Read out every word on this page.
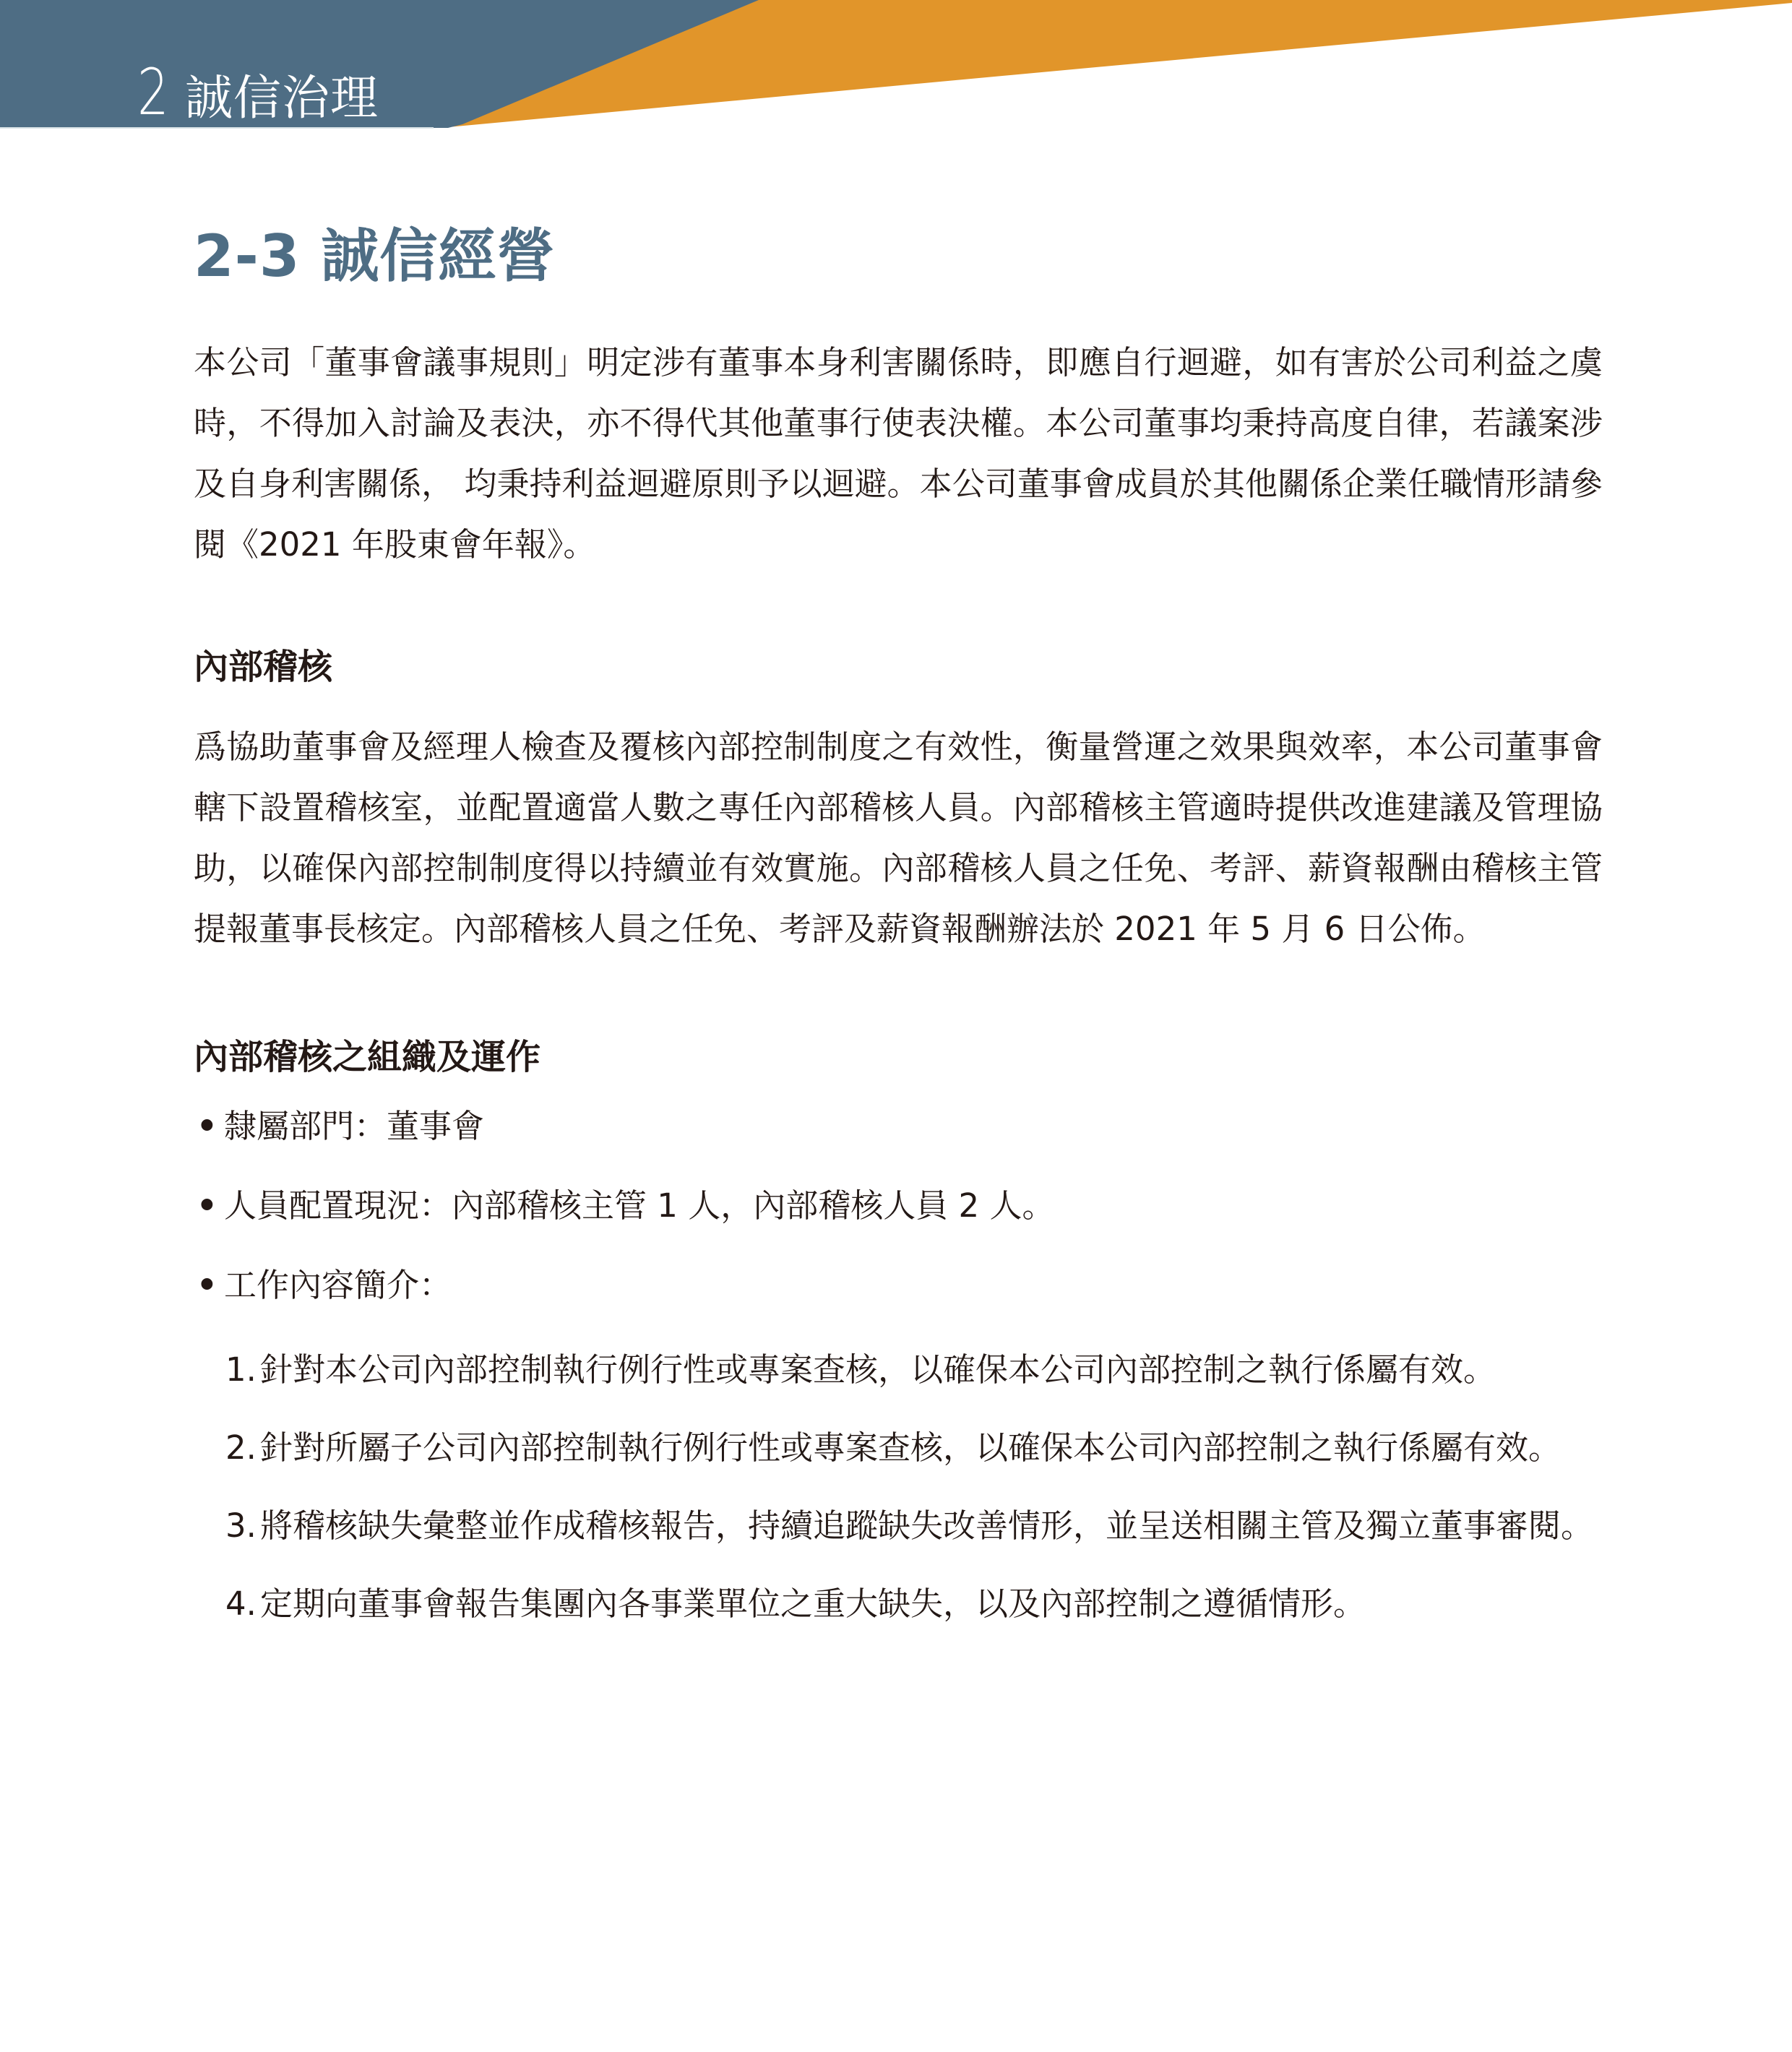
2 誠信治理
2-3 誠信經營

本公司「董事會議事規則」明定涉有董事本身利害關係時，即應自行迴避，如有害於公司利益之虞時，不得加入討論及表決，亦不得代其他董事行使表決權。本公司董事均秉持高度自律，若議案涉及自身利害關係， 均秉持利益迴避原則予以迴避。本公司董事會成員於其他關係企業任職情形請參閱《2021 年股東會年報》。

內部稽核

爲協助董事會及經理人檢查及覆核內部控制制度之有效性，衡量營運之效果與效率，本公司董事會轄下設置稽核室，並配置適當人數之專任內部稽核人員。內部稽核主管適時提供改進建議及管理協助，以確保內部控制制度得以持續並有效實施。內部稽核人員之任免、考評、薪資報酬由稽核主管提報董事長核定。內部稽核人員之任免、考評及薪資報酬辦法於 2021 年 5 月 6 日公佈。

內部稽核之組織及運作
• 隸屬部門：董事會
• 人員配置現況：內部稽核主管 1 人，內部稽核人員 2 人。
• 工作內容簡介：
1. 針對本公司內部控制執行例行性或專案查核，以確保本公司內部控制之執行係屬有效。
2. 針對所屬子公司內部控制執行例行性或專案查核，以確保本公司內部控制之執行係屬有效。
3. 將稽核缺失彙整並作成稽核報告，持續追蹤缺失改善情形，並呈送相關主管及獨立董事審閱。
4. 定期向董事會報告集團內各事業單位之重大缺失，以及內部控制之遵循情形。
